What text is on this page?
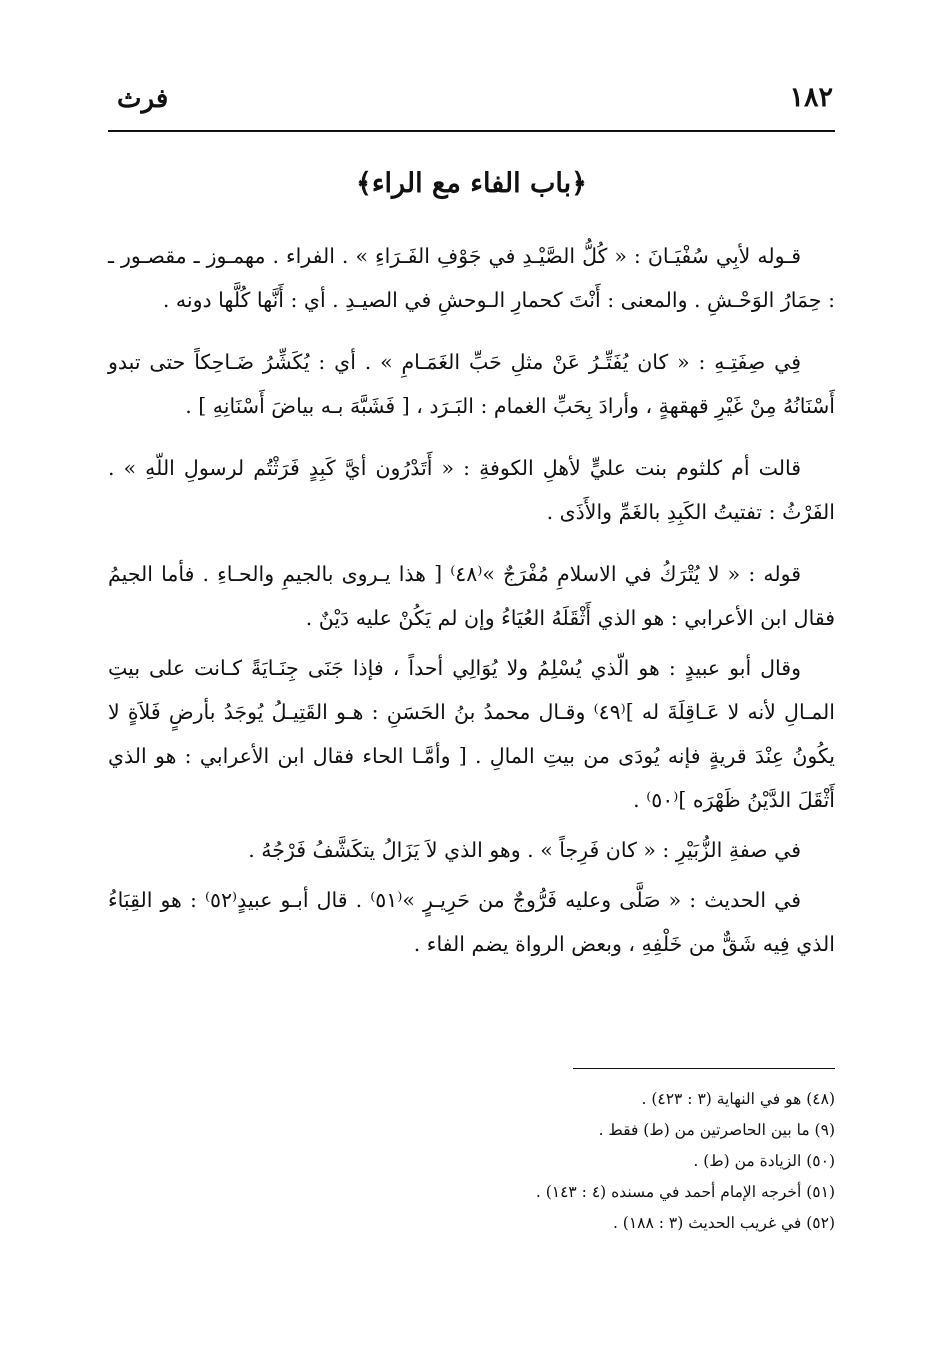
١٨٢
فرث
﴿باب الفاء مع الراء﴾

قـوله لأبِي سُفْيَـانَ : « كُلُّ الصَّيْـدِ في جَوْفِ الفَـرَاءِ » . الفراء . مهمـوز ـ مقصـور ـ : حِمَارُ الوَحْـشِ . والمعنى : أَنْتَ كحمارِ الـوحشِ في الصيـدِ . أي : أَنَّها كُلَّها دونه .

فِي صِفَتِـهِ : « كان يُفَتِّـرُ عَنْ مثلِ حَبِّ الغَمَـامِ » . أي : يُكَشِّرُ ضَـاحِكاً حتى تبدو أَسْنَانُهُ مِنْ غَيْرِ قهقهةٍ ، وأرادَ بِحَبِّ الغمام : البَـرَد ، [ فَشَبَّهَ بـه بياضَ أَسْنَانِهِ ] .

قالت أم كلثوم بنت عليٍّ لأهلِ الكوفةِ : « أَتَدْرُون أيَّ كَبِدٍ فَرَثْتُم لرسولِ اللّهِ » . الفَرْثُ : تفتيتُ الكَبِدِ بالغَمِّ والأَذَى .

قوله : « لا يُتْرَكُ في الاسلامِ مُفْرَجٌ »⁽٤٨⁾ [ هذا يـروى بالجيمِ والحـاءِ . فأما الجيمُ فقال ابن الأعرابي : هو الذي أَثْقَلَهُ العُيَاءُ وإن لم يَكُنْ عليه دَيْنٌ .

وقال أبو عبيدٍ : هو الّذي يُسْلِمُ ولا يُوَالِي أحداً ، فإذا جَنَى جِنَـايَةً كـانت على بيتِ المـالِ لأنه لا عَـاقِلَةَ له ]⁽٤٩⁾ وقـال محمدُ بنُ الحَسَنِ : هـو القَتِيـلُ يُوجَدُ بأرضٍ فَلاَةٍ لا يكُونُ عِنْدَ قريةٍ فإنه يُودَى من بيتِ المالِ . [ وأمَّـا الحاء فقال ابن الأعرابي : هو الذي أَثْقَلَ الدَّيْنُ ظَهْرَه ]⁽٥٠⁾ .

في صفةِ الزُّبَيْرِ : « كان فَرِجاً » . وهو الذي لاَ يَزَالُ يتكَشَّفُ فَرْجُهُ .

في الحديث : « صَلَّى وعليه فَرُّوجٌ من حَرِيـرٍ »⁽٥١⁾ . قال أبـو عبيدٍ⁽٥٢⁾ : هو القِبَاءُ الذي فِيه شَقٌّ من خَلْفِهِ ، وبعض الرواة يضم الفاء .

(٤٨) هو في النهاية (٣ : ٤٢٣) .
(٩) ما بين الحاصرتين من (ط) فقط .
(٥٠) الزيادة من (ط) .
(٥١) أخرجه الإمام أحمد في مسنده (٤ : ١٤٣) .
(٥٢) في غريب الحديث (٣ : ١٨٨) .
